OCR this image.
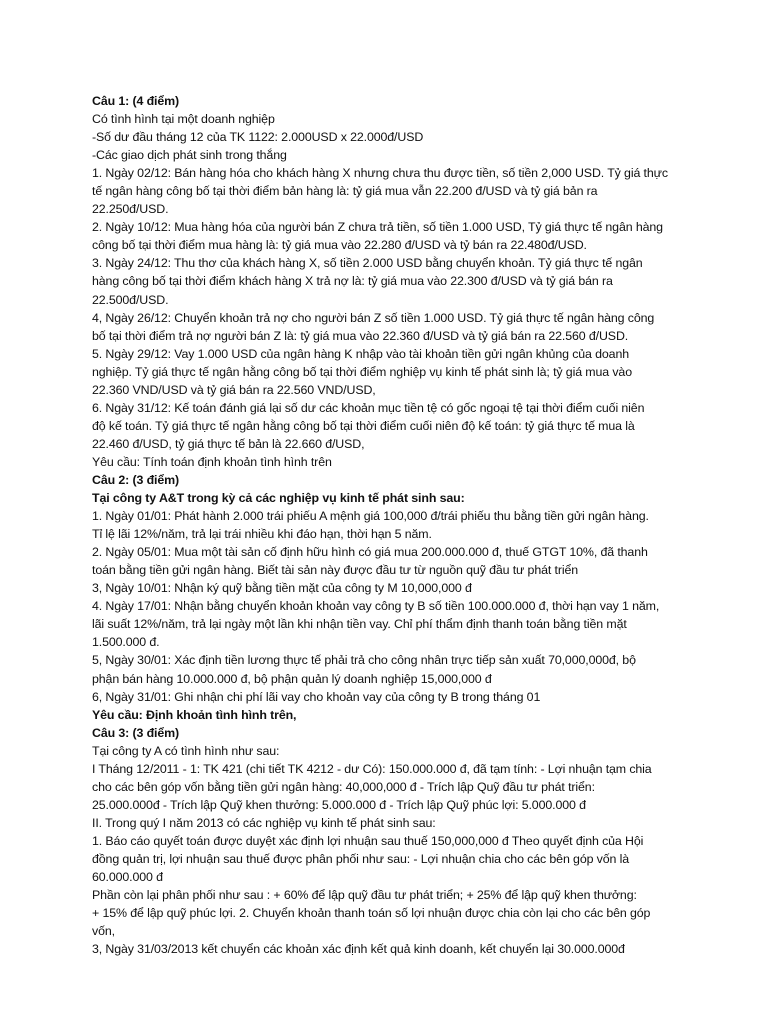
Câu 1: (4 điểm)
Có tình hình tại một doanh nghiệp
-Số dư đầu tháng 12 của TK 1122: 2.000USD x 22.000đ/USD
-Các giao dịch phát sinh trong thắng
1. Ngày 02/12: Bán hàng hóa cho khách hàng X nhưng chưa thu được tiền, số tiền 2,000 USD. Tỷ giá thực
tế ngân hàng công bố tại thời điểm bản hàng là: tỷ giá mua vẫn 22.200 đ/USD và tỷ giá bản ra
22.250đ/USD.
2. Ngày 10/12: Mua hàng hóa của người bán Z chưa trả tiền, số tiền 1.000 USD, Tỷ giá thực tế ngân hàng
công bố tại thời điểm mua hàng là: tỷ giá mua vào 22.280 đ/USD và tỷ bán ra 22.480đ/USD.
3. Ngày 24/12: Thu thơ của khách hàng X, số tiền 2.000 USD bằng chuyển khoản. Tỷ giá thực tế ngân
hàng công bố tại thời điểm khách hàng X trả nợ là: tỷ giá mua vào 22.300 đ/USD và tỷ giá bán ra
22.500đ/USD.
4, Ngày 26/12: Chuyển khoản trả nợ cho người bán Z số tiền 1.000 USD. Tỷ giá thực tế ngân hàng công
bố tại thời điểm trả nợ người bán Z là: tỷ giá mua vào 22.360 đ/USD và tỷ giá bán ra 22.560 đ/USD.
5. Ngày 29/12: Vay 1.000 USD của ngân hàng K nhập vào tài khoản tiền gửi ngân khủng của doanh
nghiệp. Tỷ giá thực tế ngân hằng công bố tại thời điểm nghiệp vụ kinh tế phát sinh là; tỷ giá mua vào
22.360 VND/USD và tỷ giá bán ra 22.560 VND/USD,
6. Ngày 31/12: Kế toán đánh giá lại số dư các khoản mục tiền tệ có gốc ngoại tệ tại thời điểm cuối niên
độ kế toán. Tỷ giá thực tế ngân hằng công bố tại thời điểm cuối niên độ kế toán: tỷ giá thực tế mua là
22.460 đ/USD, tỷ giá thực tế bản là 22.660 đ/USD,
Yêu cầu: Tính toán định khoản tình hình trên
Câu 2: (3 điểm)
Tại công ty A&T trong kỳ cả các nghiệp vụ kinh tế phát sinh sau:
1. Ngày 01/01: Phát hành 2.000 trái phiếu A mệnh giá 100,000 đ/trái phiếu thu bằng tiền gửi ngân hàng.
Tỉ lệ lãi 12%/năm, trả lại trái nhiều khi đáo hạn, thời hạn 5 năm.
2. Ngày 05/01: Mua một tài sản cố định hữu hình có giá mua 200.000.000 đ, thuế GTGT 10%, đã thanh
toán bằng tiền gửi ngân hàng. Biết tài sản này được đầu tư từ nguồn quỹ đầu tư phát triển
3, Ngày 10/01: Nhận ký quỹ bằng tiền mặt của công ty M 10,000,000 đ
4. Ngày 17/01: Nhận bằng chuyển khoản khoản vay công ty B số tiền 100.000.000 đ, thời hạn vay 1 năm,
lãi suất 12%/năm, trả lại ngày một lần khi nhận tiền vay. Chỉ phí thẩm định thanh toán bằng tiền mặt
1.500.000 đ.
5, Ngày 30/01: Xác định tiền lương thực tế phải trả cho công nhân trực tiếp sản xuất 70,000,000đ, bộ
phận bán hàng 10.000.000 đ, bộ phận quản lý doanh nghiệp 15,000,000 đ
6, Ngày 31/01: Ghi nhận chi phí lãi vay cho khoản vay của công ty B trong tháng 01
Yêu cầu: Định khoản tình hình trên,
Câu 3: (3 điểm)
Tại công ty A có tình hình như sau:
I Tháng 12/2011 - 1: TK 421 (chi tiết TK 4212 - dư Có): 150.000.000 đ, đã tạm tính: - Lợi nhuận tạm chia
cho các bên góp vốn bằng tiền gửi ngân hàng: 40,000,000 đ - Trích lập Quỹ đầu tư phát triển:
25.000.000đ - Trích lập Quỹ khen thưởng: 5.000.000 đ - Trích lập Quỹ phúc lợi: 5.000.000 đ
II. Trong quý I năm 2013 có các nghiệp vụ kinh tế phát sinh sau:
1. Báo cáo quyết toán được duyệt xác định lợi nhuận sau thuế 150,000,000 đ Theo quyết định của Hội
đồng quản trị, lợi nhuận sau thuế được phân phối như sau: - Lợi nhuận chia cho các bên góp vốn là
60.000.000 đ
Phần còn lại phân phối như sau : + 60% để lập quỹ đầu tư phát triển; + 25% để lập quỹ khen thưởng:
+ 15% để lập quỹ phúc lợi. 2. Chuyển khoản thanh toán số lợi nhuận được chia còn lại cho các bên góp
vốn,
3, Ngày 31/03/2013 kết chuyển các khoản xác định kết quả kinh doanh, kết chuyển lại 30.000.000đ
